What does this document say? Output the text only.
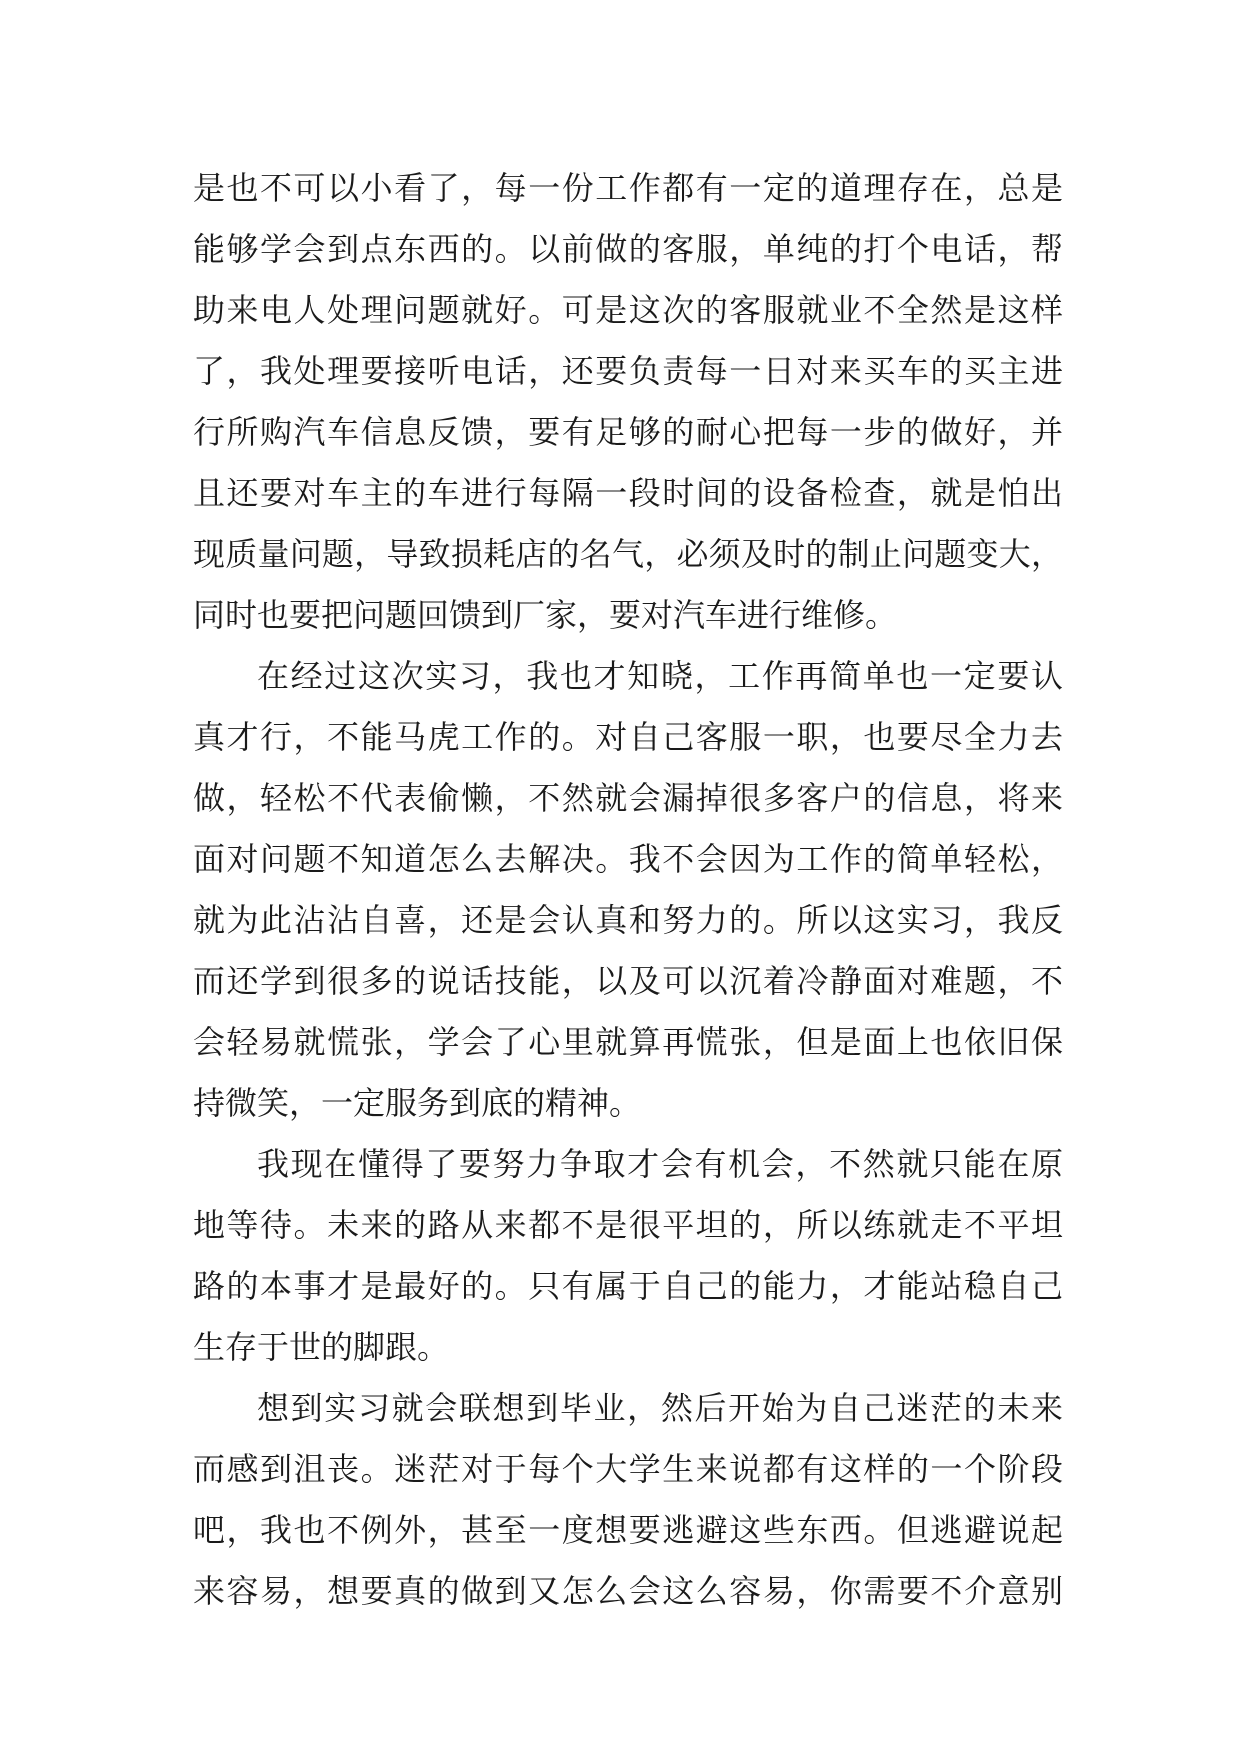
是也不可以小看了，每一份工作都有一定的道理存在，总是
能够学会到点东西的。以前做的客服，单纯的打个电话，帮
助来电人处理问题就好。可是这次的客服就业不全然是这样
了，我处理要接听电话，还要负责每一日对来买车的买主进
行所购汽车信息反馈，要有足够的耐心把每一步的做好，并
且还要对车主的车进行每隔一段时间的设备检查，就是怕出
现质量问题，导致损耗店的名气，必须及时的制止问题变大，
同时也要把问题回馈到厂家，要对汽车进行维修。
在经过这次实习，我也才知晓，工作再简单也一定要认
真才行，不能马虎工作的。对自己客服一职，也要尽全力去
做，轻松不代表偷懒，不然就会漏掉很多客户的信息，将来
面对问题不知道怎么去解决。我不会因为工作的简单轻松，
就为此沾沾自喜，还是会认真和努力的。所以这实习，我反
而还学到很多的说话技能，以及可以沉着冷静面对难题，不
会轻易就慌张，学会了心里就算再慌张，但是面上也依旧保
持微笑，一定服务到底的精神。
我现在懂得了要努力争取才会有机会，不然就只能在原
地等待。未来的路从来都不是很平坦的，所以练就走不平坦
路的本事才是最好的。只有属于自己的能力，才能站稳自己
生存于世的脚跟。
想到实习就会联想到毕业，然后开始为自己迷茫的未来
而感到沮丧。迷茫对于每个大学生来说都有这样的一个阶段
吧，我也不例外，甚至一度想要逃避这些东西。但逃避说起
来容易，想要真的做到又怎么会这么容易，你需要不介意别
